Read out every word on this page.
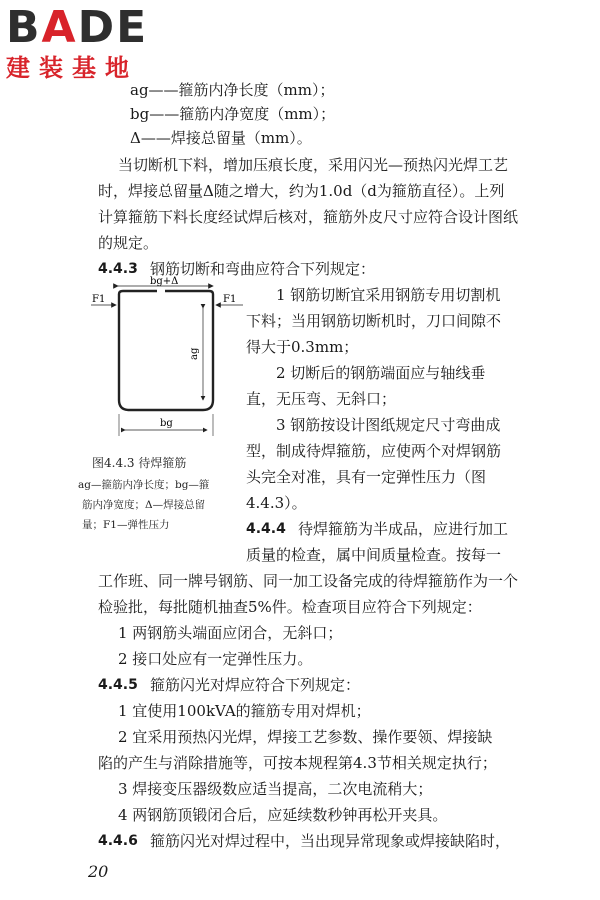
BADE
建装基地
ag——箍筋内净长度（mm）；
bg——箍筋内净宽度（mm）；
Δ——焊接总留量（mm）。
当切断机下料，增加压痕长度，采用闪光—预热闪光焊工艺
时，焊接总留量Δ随之增大，约为1.0d（d为箍筋直径）。上列
计算箍筋下料长度经试焊后核对，箍筋外皮尺寸应符合设计图纸
的规定。
4.4.3 钢筋切断和弯曲应符合下列规定：
bg+Δ
F1	F1
ag
bg
图4.4.3 待焊箍筋
ag—箍筋内净长度；bg—箍
筋内净宽度；Δ—焊接总留
量；F1—弹性压力
1 钢筋切断宜采用钢筋专用切割机
下料；当用钢筋切断机时，刀口间隙不
得大于0.3mm；
2 切断后的钢筋端面应与轴线垂
直，无压弯、无斜口；
3 钢筋按设计图纸规定尺寸弯曲成
型，制成待焊箍筋，应使两个对焊钢筋
头完全对准，具有一定弹性压力（图
4.4.3）。
4.4.4 待焊箍筋为半成品，应进行加工
质量的检查，属中间质量检查。按每一
工作班、同一牌号钢筋、同一加工设备完成的待焊箍筋作为一个
检验批，每批随机抽查5%件。检查项目应符合下列规定：
1 两钢筋头端面应闭合，无斜口；
2 接口处应有一定弹性压力。
4.4.5 箍筋闪光对焊应符合下列规定：
1 宜使用100kVA的箍筋专用对焊机；
2 宜采用预热闪光焊，焊接工艺参数、操作要领、焊接缺
陷的产生与消除措施等，可按本规程第4.3节相关规定执行；
3 焊接变压器级数应适当提高，二次电流稍大；
4 两钢筋顶锻闭合后，应延续数秒钟再松开夹具。
4.4.6 箍筋闪光对焊过程中，当出现异常现象或焊接缺陷时，
20
